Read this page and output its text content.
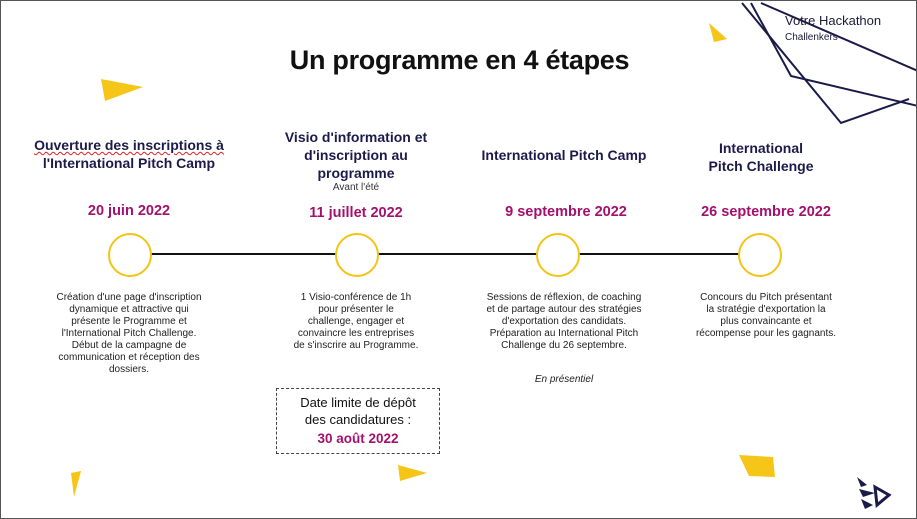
Votre Hackathon
Challenkers
Un programme en 4 étapes
Ouverture des inscriptions à
l'International Pitch Camp
20 juin 2022
Visio d'information et
d'inscription au
programme
Avant l'été
11 juillet 2022
International Pitch Camp
9 septembre 2022
International
Pitch Challenge
26 septembre 2022
Création d'une page d'inscription
dynamique et attractive qui
présente le Programme et
l'International Pitch Challenge.
Début de la campagne de
communication et réception des
dossiers.
1 Visio-conférence de 1h
pour présenter le
challenge, engager et
convaincre les entreprises
de s'inscrire au Programme.
Sessions de réflexion, de coaching
et de partage autour des stratégies
d'exportation des candidats.
Préparation au International Pitch
Challenge du 26 septembre.
En présentiel
Concours du Pitch présentant
la stratégie d'exportation la
plus convaincante et
récompense pour les gagnants.
Date limite de dépôt
des candidatures :
30 août 2022
